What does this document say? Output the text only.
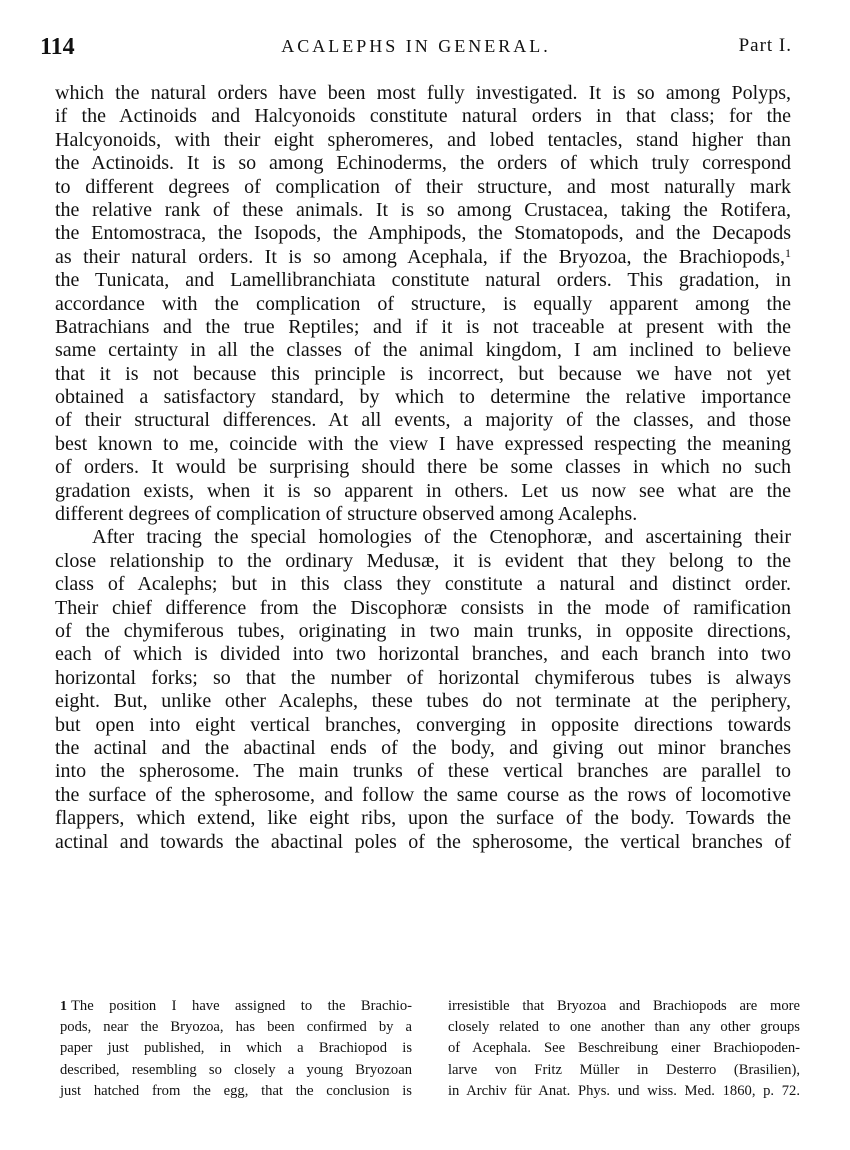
114	ACALEPHS IN GENERAL.	Part I.
which the natural orders have been most fully investigated. It is so among Polyps,
if the Actinoids and Halcyonoids constitute natural orders in that class; for the
Halcyonoids, with their eight spheromeres, and lobed tentacles, stand higher than
the Actinoids. It is so among Echinoderms, the orders of which truly correspond
to different degrees of complication of their structure, and most naturally mark
the relative rank of these animals. It is so among Crustacea, taking the Rotifera,
the Entomostraca, the Isopods, the Amphipods, the Stomatopods, and the Decapods
as their natural orders. It is so among Acephala, if the Bryozoa, the Brachiopods,$^1$
the Tunicata, and Lamellibranchiata constitute natural orders. This gradation, in
accordance with the complication of structure, is equally apparent among the
Batrachians and the true Reptiles; and if it is not traceable at present with the
same certainty in all the classes of the animal kingdom, I am inclined to believe
that it is not because this principle is incorrect, but because we have not yet
obtained a satisfactory standard, by which to determine the relative importance
of their structural differences. At all events, a majority of the classes, and those
best known to me, coincide with the view I have expressed respecting the meaning
of orders. It would be surprising should there be some classes in which no such
gradation exists, when it is so apparent in others. Let us now see what are the
different degrees of complication of structure observed among Acalephs.
After tracing the special homologies of the Ctenophoræ, and ascertaining their
close relationship to the ordinary Medusæ, it is evident that they belong to the
class of Acalephs; but in this class they constitute a natural and distinct order.
Their chief difference from the Discophoræ consists in the mode of ramification
of the chymiferous tubes, originating in two main trunks, in opposite directions,
each of which is divided into two horizontal branches, and each branch into two
horizontal forks; so that the number of horizontal chymiferous tubes is always
eight. But, unlike other Acalephs, these tubes do not terminate at the periphery,
but open into eight vertical branches, converging in opposite directions towards
the actinal and the abactinal ends of the body, and giving out minor branches
into the spherosome. The main trunks of these vertical branches are parallel to
the surface of the spherosome, and follow the same course as the rows of locomotive
flappers, which extend, like eight ribs, upon the surface of the body. Towards the
actinal and towards the abactinal poles of the spherosome, the vertical branches of
1 The position I have assigned to the Brachio-
pods, near the Bryozoa, has been confirmed by a
paper just published, in which a Brachiopod is
described, resembling so closely a young Bryozoan
just hatched from the egg, that the conclusion is
irresistible that Bryozoa and Brachiopods are more
closely related to one another than any other groups
of Acephala. See Beschreibung einer Brachiopoden-
larve von Fritz Müller in Desterro (Brasilien),
in Archiv für Anat. Phys. und wiss. Med. 1860, p. 72.
